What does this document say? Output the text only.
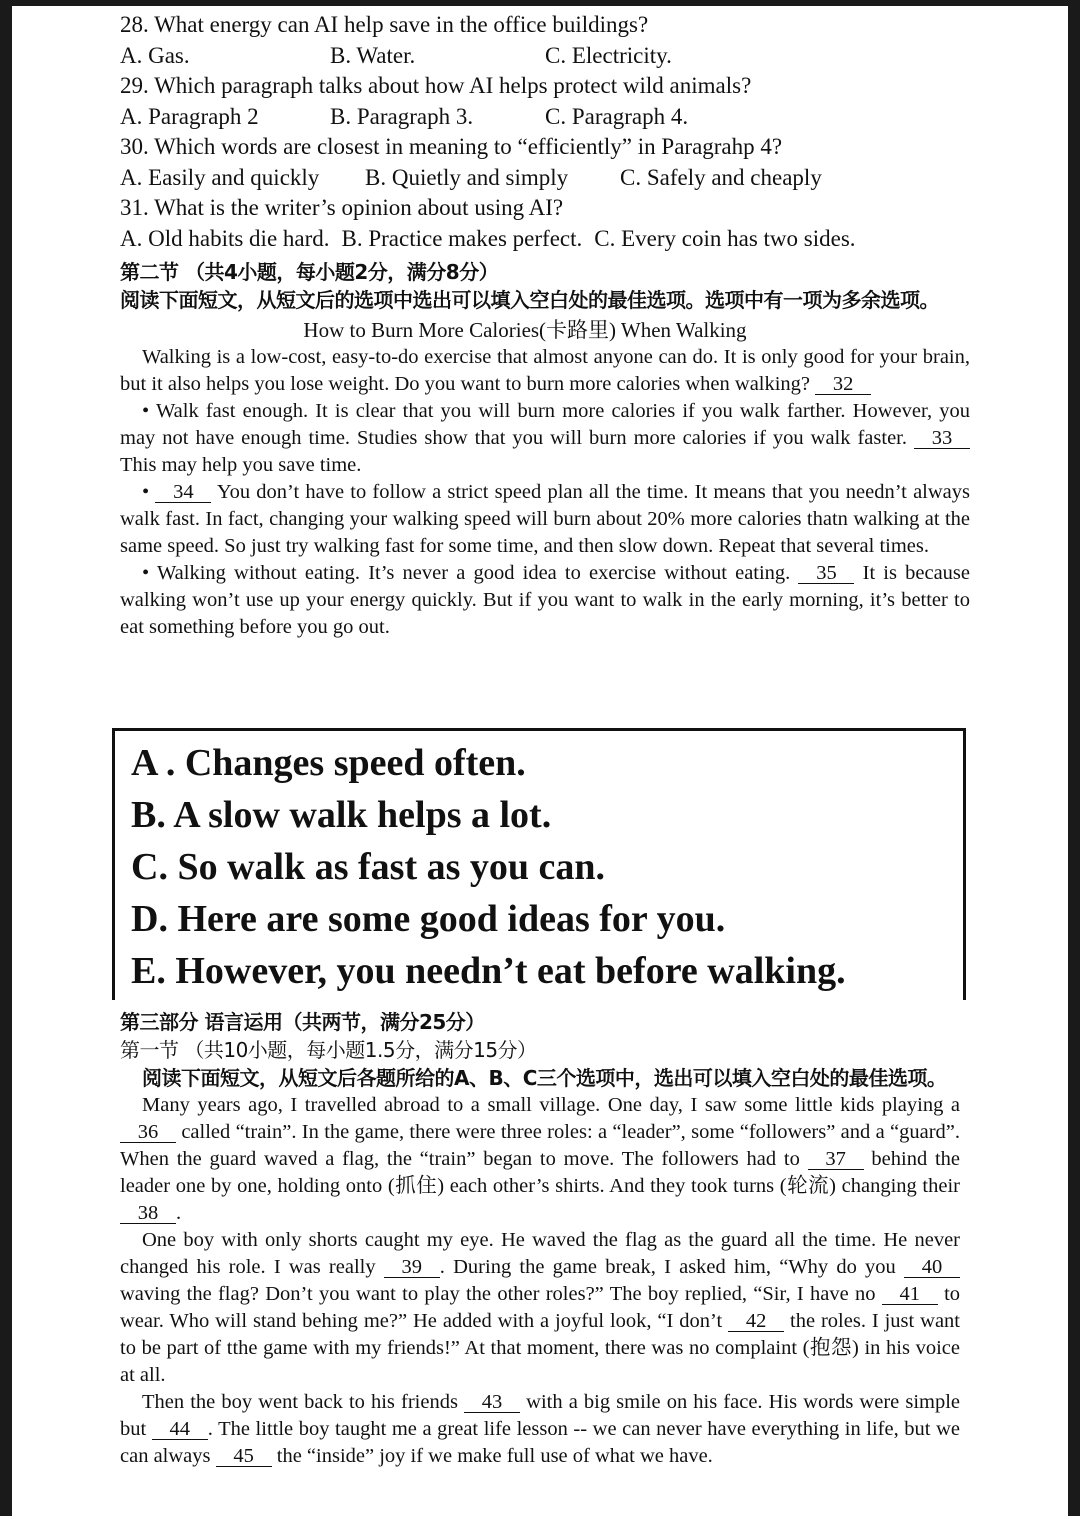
28. What energy can AI help save in the office buildings?
A. Gas.	B. Water.	C. Electricity.
29. Which paragraph talks about how AI helps protect wild animals?
A. Paragraph 2	B. Paragraph 3.	C. Paragraph 4.
30. Which words are closest in meaning to “efficiently” in Paragrahp 4?
A. Easily and quickly	B. Quietly and simply	C. Safely and cheaply
31. What is the writer’s opinion about using AI?
A. Old habits die hard. B. Practice makes perfect. C. Every coin has two sides.
第二节 （共4小题，每小题2分，满分8分）
阅读下面短文，从短文后的选项中选出可以填入空白处的最佳选项。选项中有一项为多余选项。
How to Burn More Calories(卡路里) When Walking
Walking is a low-cost, easy-to-do exercise that almost anyone can do. It is only good for your brain, but it also helps you lose weight. Do you want to burn more calories when walking? 32
• Walk fast enough. It is clear that you will burn more calories if you walk farther. However, you may not have enough time. Studies show that you will burn more calories if you walk faster. 33 This may help you save time.
• 34 You don’t have to follow a strict speed plan all the time. It means that you needn’t always walk fast. In fact, changing your walking speed will burn about 20% more calories thatn walking at the same speed. So just try walking fast for some time, and then slow down. Repeat that several times.
• Walking without eating. It’s never a good idea to exercise without eating. 35 It is because walking won’t use up your energy quickly. But if you want to walk in the early morning, it’s better to eat something before you go out.
A . Changes speed often.
B. A slow walk helps a lot.
C. So walk as fast as you can.
D. Here are some good ideas for you.
E. However, you needn’t eat before walking.
第三部分 语言运用（共两节，满分25分）
第一节 （共10小题，每小题1.5分，满分15分）
阅读下面短文，从短文后各题所给的A、B、C三个选项中，选出可以填入空白处的最佳选项。
Many years ago, I travelled abroad to a small village. One day, I saw some little kids playing a 36 called “train”. In the game, there were three roles: a “leader”, some “followers” and a “guard”. When the guard waved a flag, the “train” began to move. The followers had to 37 behind the leader one by one, holding onto (抓住) each other’s shirts. And they took turns (轮流) changing their 38 .
One boy with only shorts caught my eye. He waved the flag as the guard all the time. He never changed his role. I was really 39 . During the game break, I asked him, “Why do you 40 waving the flag? Don’t you want to play the other roles?” The boy replied, “Sir, I have no 41 to wear. Who will stand behing me?” He added with a joyful look, “I don’t 42 the roles. I just want to be part of tthe game with my friends!” At that moment, there was no complaint (抱怨) in his voice at all.
Then the boy went back to his friends 43 with a big smile on his face. His words were simple but 44 . The little boy taught me a great life lesson -- we can never have everything in life, but we can always 45 the “inside” joy if we make full use of what we have.
